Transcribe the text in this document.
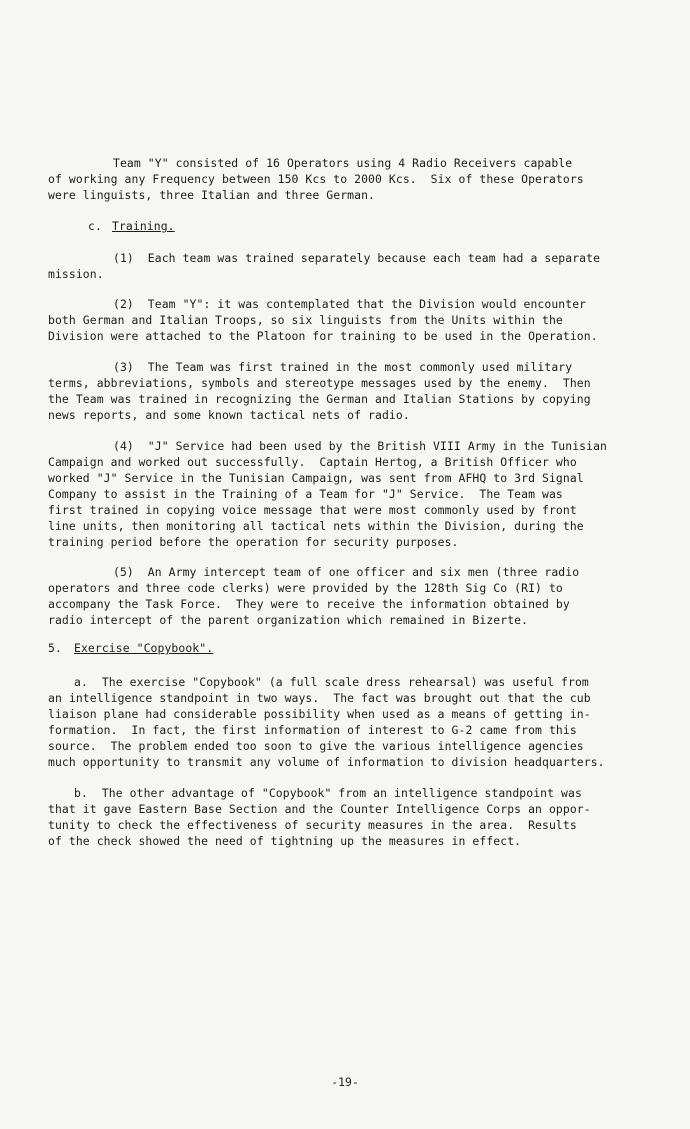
Team "Y" consisted of 16 Operators using 4 Radio Receivers capable
of working any Frequency between 150 Kcs to 2000 Kcs.  Six of these Operators
were linguists, three Italian and three German.
c. Training.
(1)  Each team was trained separately because each team had a separate
mission.
(2)  Team "Y": it was contemplated that the Division would encounter
both German and Italian Troops, so six linguists from the Units within the
Division were attached to the Platoon for training to be used in the Operation.
(3)  The Team was first trained in the most commonly used military
terms, abbreviations, symbols and stereotype messages used by the enemy.  Then
the Team was trained in recognizing the German and Italian Stations by copying
news reports, and some known tactical nets of radio.
(4)  "J" Service had been used by the British VIII Army in the Tunisian
Campaign and worked out successfully.  Captain Hertog, a British Officer who
worked "J" Service in the Tunisian Campaign, was sent from AFHQ to 3rd Signal
Company to assist in the Training of a Team for "J" Service.  The Team was
first trained in copying voice message that were most commonly used by front
line units, then monitoring all tactical nets within the Division, during the
training period before the operation for security purposes.
(5)  An Army intercept team of one officer and six men (three radio
operators and three code clerks) were provided by the 128th Sig Co (RI) to
accompany the Task Force.  They were to receive the information obtained by
radio intercept of the parent organization which remained in Bizerte.
5. Exercise "Copybook".
a.  The exercise "Copybook" (a full scale dress rehearsal) was useful from
an intelligence standpoint in two ways.  The fact was brought out that the cub
liaison plane had considerable possibility when used as a means of getting in-
formation.  In fact, the first information of interest to G-2 came from this
source.  The problem ended too soon to give the various intelligence agencies
much opportunity to transmit any volume of information to division headquarters.
b.  The other advantage of "Copybook" from an intelligence standpoint was
that it gave Eastern Base Section and the Counter Intelligence Corps an oppor-
tunity to check the effectiveness of security measures in the area.  Results
of the check showed the need of tightning up the measures in effect.
-19-
